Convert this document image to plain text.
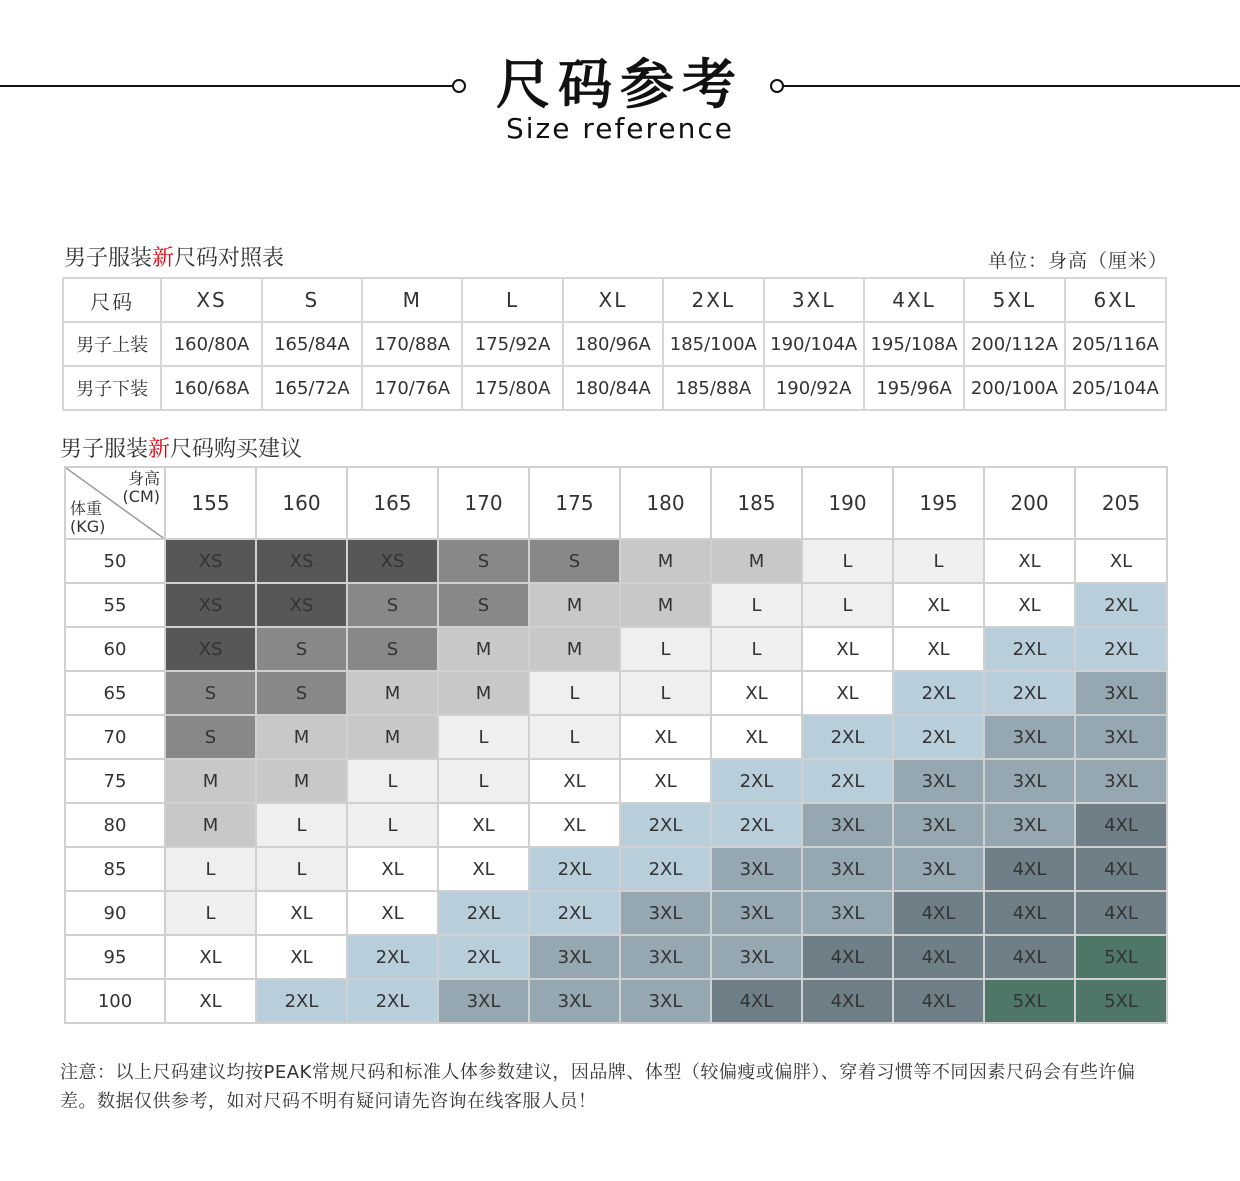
尺码参考
Size reference
男子服装新尺码对照表	单位：身高（厘米）
尺码	XS	S	M	L	XL	2XL	3XL	4XL	5XL	6XL
男子上装	160/80A	165/84A	170/88A	175/92A	180/96A	185/100A	190/104A	195/108A	200/112A	205/116A
男子下装	160/68A	165/72A	170/76A	175/80A	180/84A	185/88A	190/92A	195/96A	200/100A	205/104A
男子服装新尺码购买建议
身高
(CM)
体重
(KG)	155	160	165	170	175	180	185	190	195	200	205
50	XS	XS	XS	S	S	M	M	L	L	XL	XL
55	XS	XS	S	S	M	M	L	L	XL	XL	2XL
60	XS	S	S	M	M	L	L	XL	XL	2XL	2XL
65	S	S	M	M	L	L	XL	XL	2XL	2XL	3XL
70	S	M	M	L	L	XL	XL	2XL	2XL	3XL	3XL
75	M	M	L	L	XL	XL	2XL	2XL	3XL	3XL	3XL
80	M	L	L	XL	XL	2XL	2XL	3XL	3XL	3XL	4XL
85	L	L	XL	XL	2XL	2XL	3XL	3XL	3XL	4XL	4XL
90	L	XL	XL	2XL	2XL	3XL	3XL	3XL	4XL	4XL	4XL
95	XL	XL	2XL	2XL	3XL	3XL	3XL	4XL	4XL	4XL	5XL
100	XL	2XL	2XL	3XL	3XL	3XL	4XL	4XL	4XL	5XL	5XL
注意：以上尺码建议均按PEAK常规尺码和标准人体参数建议，因品牌、体型（较偏瘦或偏胖）、穿着习惯等不同因素尺码会有些许偏差。数据仅供参考，如对尺码不明有疑问请先咨询在线客服人员！
